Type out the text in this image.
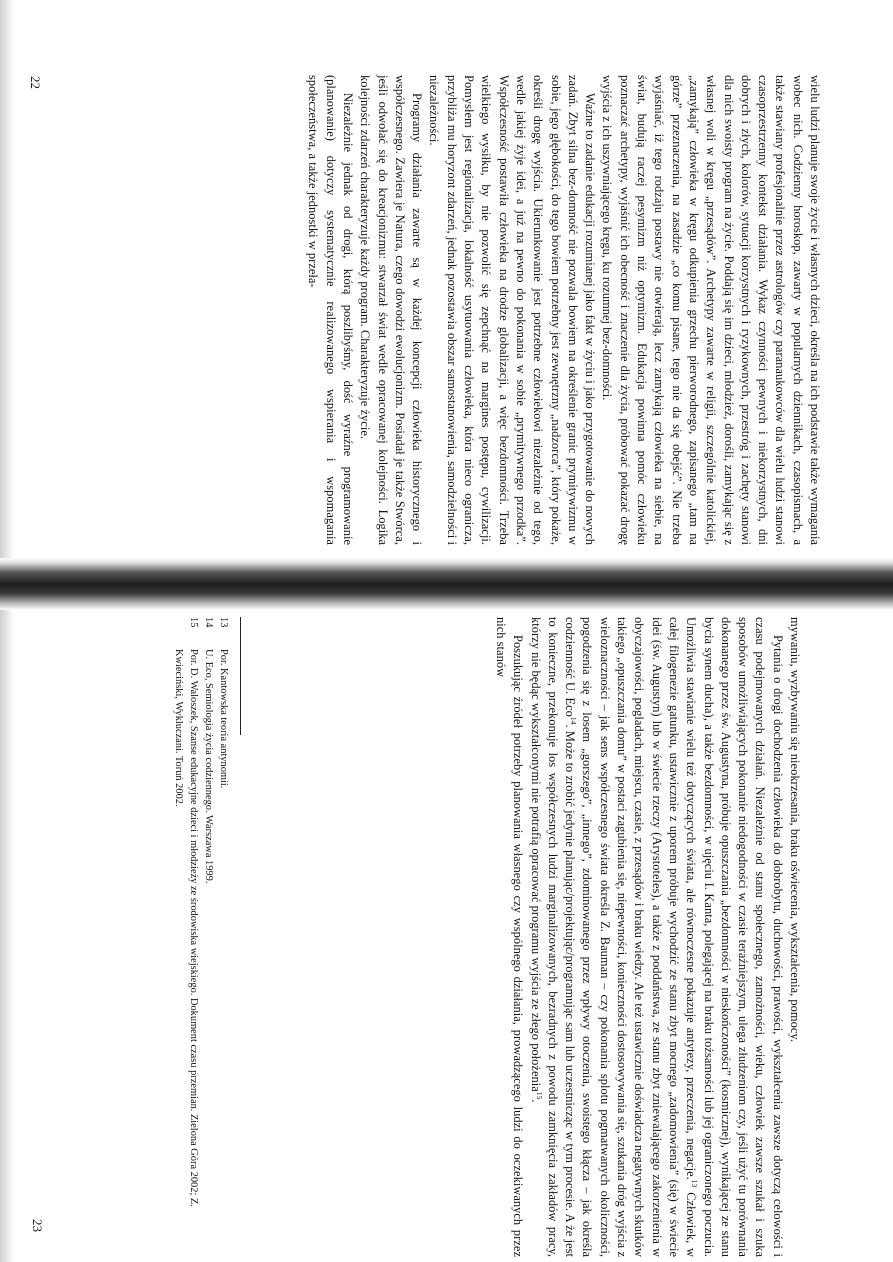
wielu ludzi planuje swoje życie i własnych dzieci, określa na ich podstawie także wymagania wobec nich. Codzienny horoskop, zawarty w popularnych dziennikach, czasopismach, a także stawiany profesjonalnie przez astrologów czy paranaukowców dla wielu ludzi stanowi czasoprzestrzenny kontekst działania. Wykaz czynności pewnych i niekorzystnych, dni dobrych i złych, kolorów, sytuacji korzystnych i ryzykownych, przestróg i zachęty stanowi dla nich swoisty program na życie. Poddają się im dzieci, młodzież, dorośli, zamykając się z własnej woli w kręgu „przesądów”. Archetypy zawarte w religii, szczególnie katolickiej, „zamykają” człowieka w kręgu odkupienia grzechu pierworodnego, zapisanego „tam na górze” przeznaczenia, na zasadzie „co komu pisane, tego nie da się obejść”. Nie trzeba wyjaśniać, iż tego rodzaju postawy nie otwierają, lecz zamykają człowieka na siebie, na świat, budują raczej pesymizm niż optymizm. Edukacja powinna pomóc człowieku poznaczać archetypy, wyjaśnić ich obecność i znaczenie dla życia, próbować pokazać drogę wyjścia z ich uszywniającego kręgu, ku rozumnej bez-domności.

Ważne to zadanie edukacji rozumianej jako fakt w życiu i jako przygotowanie do nowych zadań. Zbyt silna bez-domność nie pozwala bowiem na określenie granic prymitywizmu w sobie, jego głębokości, do tego bowiem potrzebny jest zewnętrzny „nadzorca”, który pokaże, określi drogę wyjścia. Ukierunkowanie jest potrzebne człowiekowi niezależnie od tego, wedle jakiej żyje idei, a już na pewno do pokonania w sobie „prymitywnego przodka”. Współczesność postawiła człowieka na drodze globalizacji, a więc bezdomności. Trzeba wielkiego wysiłku, by nie pozwolić się zepchnąć na margines postępu, cywilizacji. Pomysłem jest regionalizacja, lokalność usytuowania człowieka, która nieco ogranicza, przybliża mu horyzont zdarzeń, jednak pozostawia obszar samostanowienia, samodzielności i niezależności.

Programy działania zawarte są w każdej koncepcji człowieka historycznego i współczesnego. Zawiera je Natura, czego dowodzi ewolucjonizm. Posiadał je także Stwórca, jeśli odwołać się do kreacjonizmu: stwarzał świat wedle opracowanej kolejności. Logika kolejności zdarzeń charakteryzuje każdy program. Charakteryzuje życie.

Niezależnie jednak od drogi, którą poszlibyśmy, dość wyraźne programowanie (planowanie) dotyczy systematycznie realizowanego wspierania i wspomagania społeczeństwa, a także jednostki w przeła-

22

mywaniu, wyzbywaniu się nieokrzesania, braku oświecenia, wykształcenia, pomocy.

Pytania o drogi dochodzenia człowieka do dobrobytu, duchowości, prawości, wykształcenia zawsze dotyczą celowości i czasu podejmowanych działań. Niezależnie od stanu społecznego, zamożności, wieku, człowiek zawsze szukał i szuka sposobów umożliwiających pokonanie niedogodności w czasie teraźniejszym, ulega złudzeniom czy, jeśli użyć tu porównania dokonanego przez św. Augustyna, próbuje opuszczania „bezdomności w nieskończoności” (kosmicznej), wynikającej ze stanu bycia synem ducha), a także bezdomności, w ujęciu I. Kanta, polegającej na braku tożsamości lub jej ograniczonego poczucia. Umożliwia stawianie wielu też dotyczących świata, ale równoczesne pokazuje antytezy, przeczenia, negacje.$^{13}$ Człowiek, w całej filogenezie gatunku, ustawicznie z uporem próbuje wychodzić ze stanu zbyt mocnego „zadomowienia” (się) w świecie idei (św. Augustyn) lub w świecie rzeczy (Arystoteles), a także z poddaństwa, ze stanu zbyt zniewalającego zakorzenienia w obyczajowości, pogladach, miejscu, czasie, z przesądów i braku wiedzy. Ale też ustawicznie doświadcza negatywnych skutków takiego „opuszczania domu” w postaci zagubienia się, niepewności, konieczności dostosowywania się, szukania dróg wyjścia z wieloznaczności – jak sens współczesnego świata określa Z. Bauman – czy pokonania splotu pogmatwanych okoliczności, pogodzenia się z losem „gorszego”, „innego”, zdominowanego przez wpływy otoczenia, swoistego kłącza – jak określa codzienność U. Eco$^{14}$. Może to zrobić jedynie planując/projektując/programując sam lub uczestnicząc w tym procesie. A że jest to konieczne, przekonuje los współczesnych ludzi marginalizowanych, bezradnych z powodu zamknięcia zakładów pracy, którzy nie będąc wykształconymi nie potrafią opracować programu wyjścia ze złego położenia$^{15}$.

Poszukując źródeł potrzeby planowania własnego czy wspólnego działania, prowadzącego ludzi do oczekiwanych przez nich stanów

13
Por. Kantowska teoria antynomii.

14
U. Eco, Semiologia życia codziennego. Warszawa 1999.

15
Por. D. Waloszek, Szanse edukacyjne dzieci i młodzieży ze środowiska wiejskiego. Dokument czasu przemian. Zielona Góra 2002; Z. Kwieciński, Wykluczani. Toruń 2002.

23
